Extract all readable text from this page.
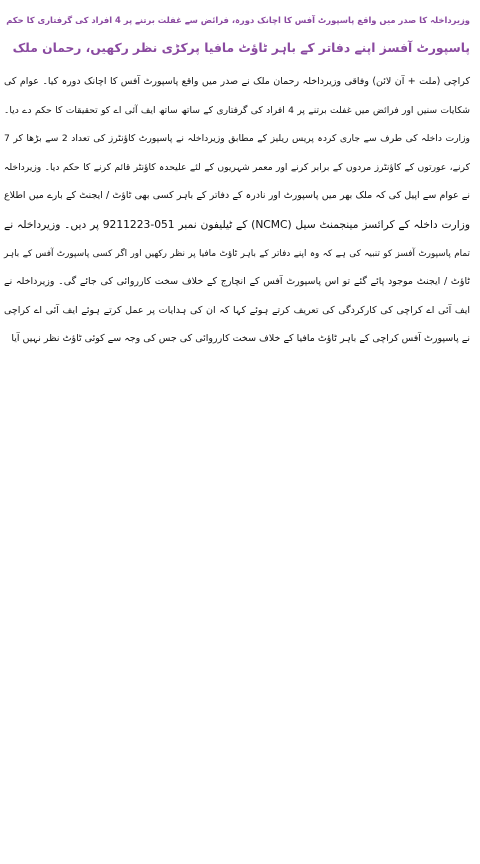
وزیرداخلہ کا صدر میں واقع پاسپورٹ آفس کا اچانک دورہ، فرائض سے غفلت برتنے پر 4 افراد کی گرفتاری کا حکم
پاسپورٹ آفسز اپنے دفاتر کے باہر ٹاؤٹ مافیا پرکڑی نظر رکھیں، رحمان ملک
کراچی (ملت + آن لائن) وفاقی وزیرداخلہ رحمان ملک نے صدر میں واقع پاسپورٹ آفس کا اچانک دورہ کیا۔ عوام کی
شکایات سنیں اور فرائض میں غفلت برتنے پر 4 افراد کی گرفتاری کے ساتھ ساتھ ایف آئی اے کو تحقیقات کا حکم دے دیا۔
وزارت داخلہ کی طرف سے جاری کردہ پریس ریلیز کے مطابق وزیرداخلہ نے پاسپورٹ کاؤنٹرز کی تعداد 2 سے بڑھا کر 7
کرنے، عورتوں کے کاؤنٹرز مردوں کے برابر کرنے اور معمر شہریوں کے لئے علیحدہ کاؤنٹر قائم کرنے کا حکم دیا۔ وزیرداخلہ
نے عوام سے اپیل کی کہ ملک بھر میں پاسپورٹ اور نادرہ کے دفاتر کے باہر کسی بھی ٹاؤٹ / ایجنٹ کے بارے میں اطلاع
وزارت داخلہ کے کرائسز مینجمنٹ سیل (NCMC) کے ٹیلیفون نمبر 051-9211223 پر دیں۔ وزیرداخلہ نے
تمام پاسپورٹ آفسز کو تنبیہ کی ہے کہ وہ اپنے دفاتر کے باہر ٹاؤٹ مافیا پر نظر رکھیں اور اگر کسی پاسپورٹ آفس کے باہر
ٹاؤٹ / ایجنٹ موجود پائے گئے تو اس پاسپورٹ آفس کے انچارج کے خلاف سخت کارروائی کی جائے گی۔ وزیرداخلہ نے
ایف آئی اے کراچی کی کارکردگی کی تعریف کرتے ہوئے کہا کہ ان کی ہدایات پر عمل کرتے ہوئے ایف آئی اے کراچی
نے پاسپورٹ آفس کراچی کے باہر ٹاؤٹ مافیا کے خلاف سخت کارروائی کی جس کی وجہ سے کوئی ٹاؤٹ نظر نہیں آیا
